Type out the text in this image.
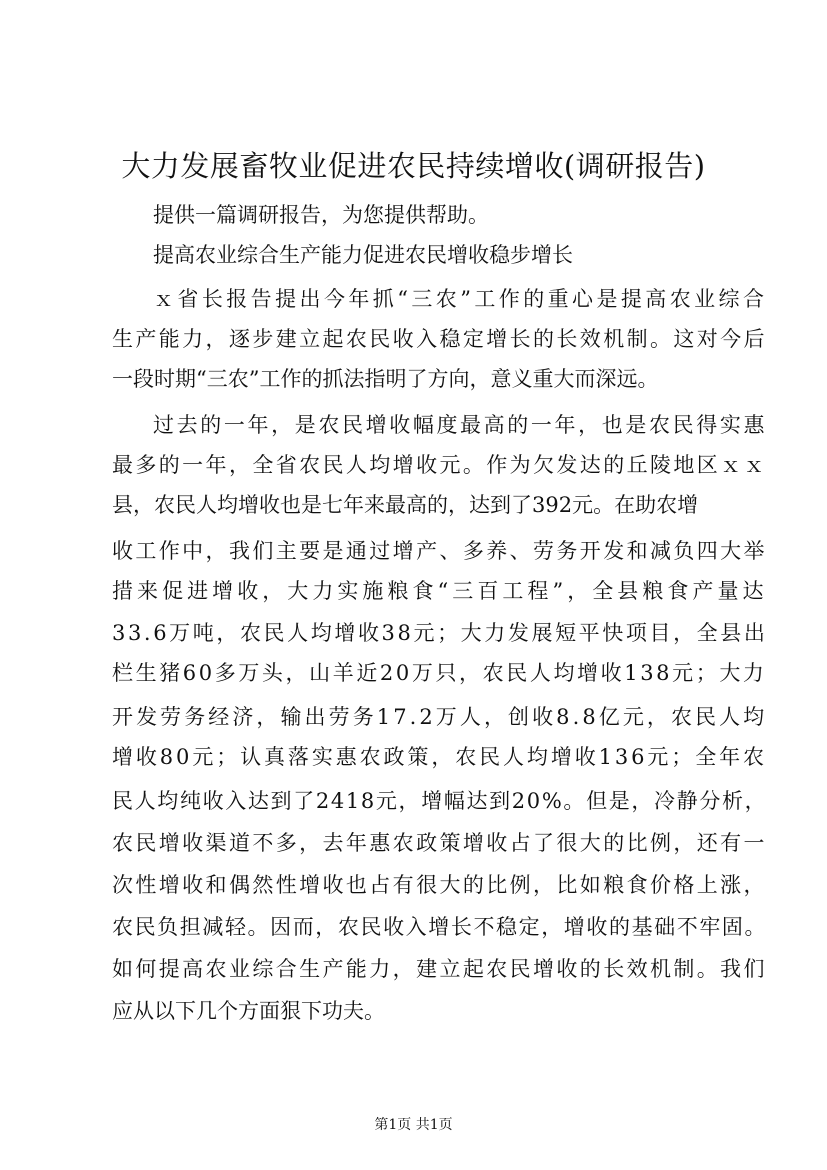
大力发展畜牧业促进农民持续增收(调研报告)
提供一篇调研报告，为您提供帮助。
提高农业综合生产能力促进农民增收稳步增长
ｘ省长报告提出今年抓“三农”工作的重心是提高农业综合
生产能力，逐步建立起农民收入稳定增长的长效机制。这对今后
一段时期“三农”工作的抓法指明了方向，意义重大而深远。
过去的一年，是农民增收幅度最高的一年，也是农民得实惠
最多的一年，全省农民人均增收元。作为欠发达的丘陵地区ｘｘ
县，农民人均增收也是七年来最高的，达到了392元。在助农增
收工作中，我们主要是通过增产、多养、劳务开发和减负四大举
措来促进增收，大力实施粮食“三百工程”，全县粮食产量达
33.6万吨，农民人均增收38元；大力发展短平快项目，全县出
栏生猪60多万头，山羊近20万只，农民人均增收138元；大力
开发劳务经济，输出劳务17.2万人，创收8.8亿元，农民人均
增收80元；认真落实惠农政策，农民人均增收136元；全年农
民人均纯收入达到了2418元，增幅达到20%。但是，冷静分析，
农民增收渠道不多，去年惠农政策增收占了很大的比例，还有一
次性增收和偶然性增收也占有很大的比例，比如粮食价格上涨，
农民负担减轻。因而，农民收入增长不稳定，增收的基础不牢固。
如何提高农业综合生产能力，建立起农民增收的长效机制。我们
应从以下几个方面狠下功夫。
第1页 共1页
